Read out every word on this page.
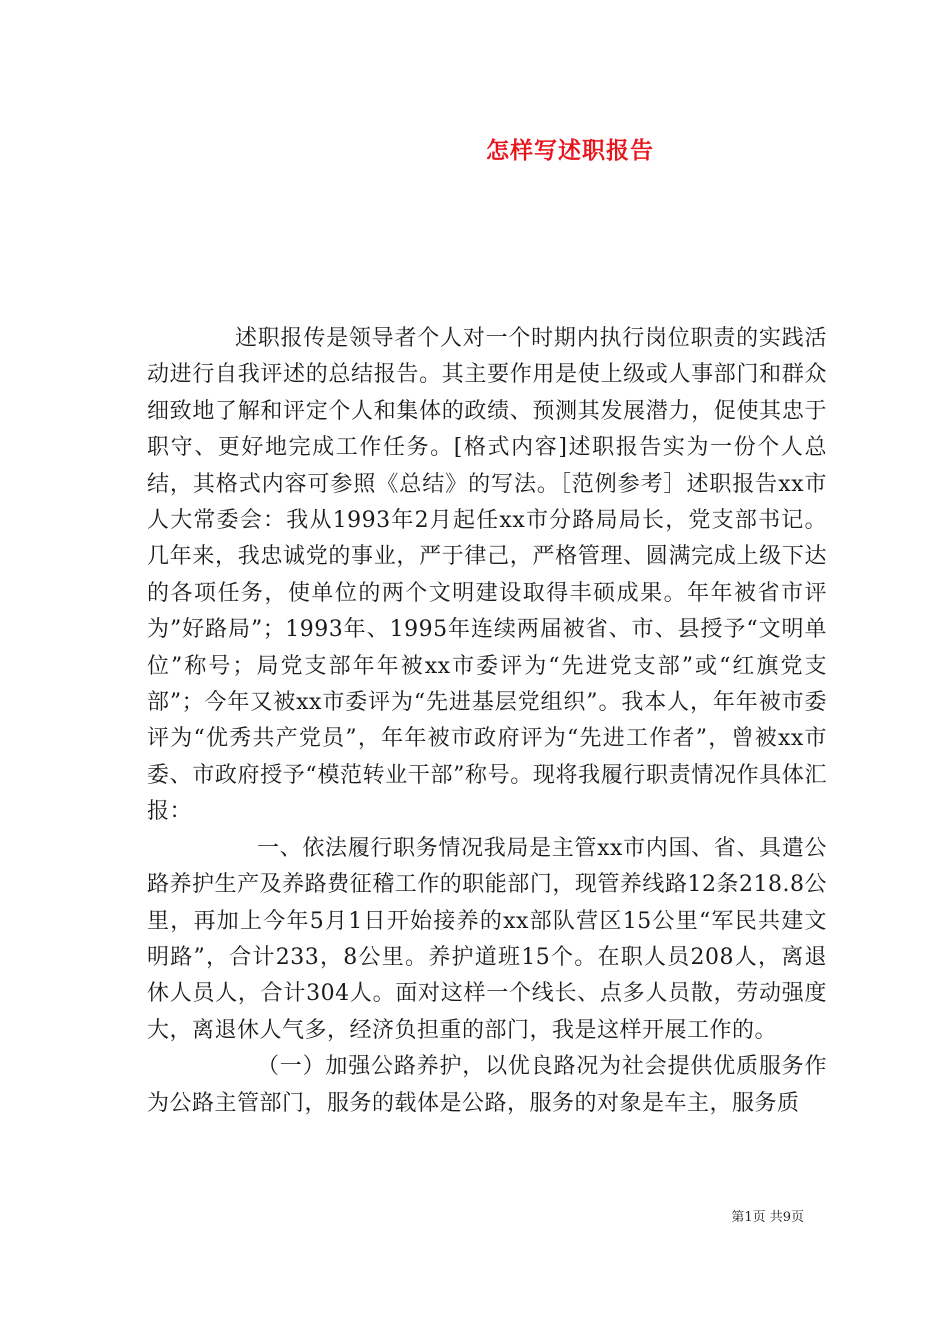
怎样写述职报告

述职报传是领导者个人对一个时期内执行岗位职责的实践活动进行自我评述的总结报告。其主要作用是使上级或人事部门和群众细致地了解和评定个人和集体的政绩、预测其发展潜力，促使其忠于职守、更好地完成工作任务。[格式内容]述职报告实为一份个人总结，其格式内容可参照《总结》的写法。［范例参考］述职报告xx市人大常委会：我从1993年2月起任xx市分路局局长，党支部书记。几年来，我忠诚党的事业，严于律己，严格管理、圆满完成上级下达的各项任务，使单位的两个文明建设取得丰硕成果。年年被省市评为”好路局”；1993年、1995年连续两届被省、市、县授予“文明单位”称号；局党支部年年被xx市委评为“先进党支部”或“红旗党支部”；今年又被xx市委评为“先进基层党组织”。我本人，年年被市委评为“优秀共产党员”，年年被市政府评为“先进工作者”，曾被xx市委、市政府授予“模范转业干部”称号。现将我履行职责情况作具体汇报：

一、依法履行职务情况我局是主管xx市内国、省、具遣公路养护生产及养路费征稽工作的职能部门，现管养线路12条218.8公里，再加上今年5月1日开始接养的xx部队营区15公里“军民共建文明路”，合计233，8公里。养护道班15个。在职人员208人，离退休人员人，合计304人。面对这样一个线长、点多人员散，劳动强度大，离退休人气多，经济负担重的部门，我是这样开展工作的。

（一）加强公路养护，以优良路况为社会提供优质服务作为公路主管部门，服务的载体是公路，服务的对象是车主，服务质

第1页 共9页
